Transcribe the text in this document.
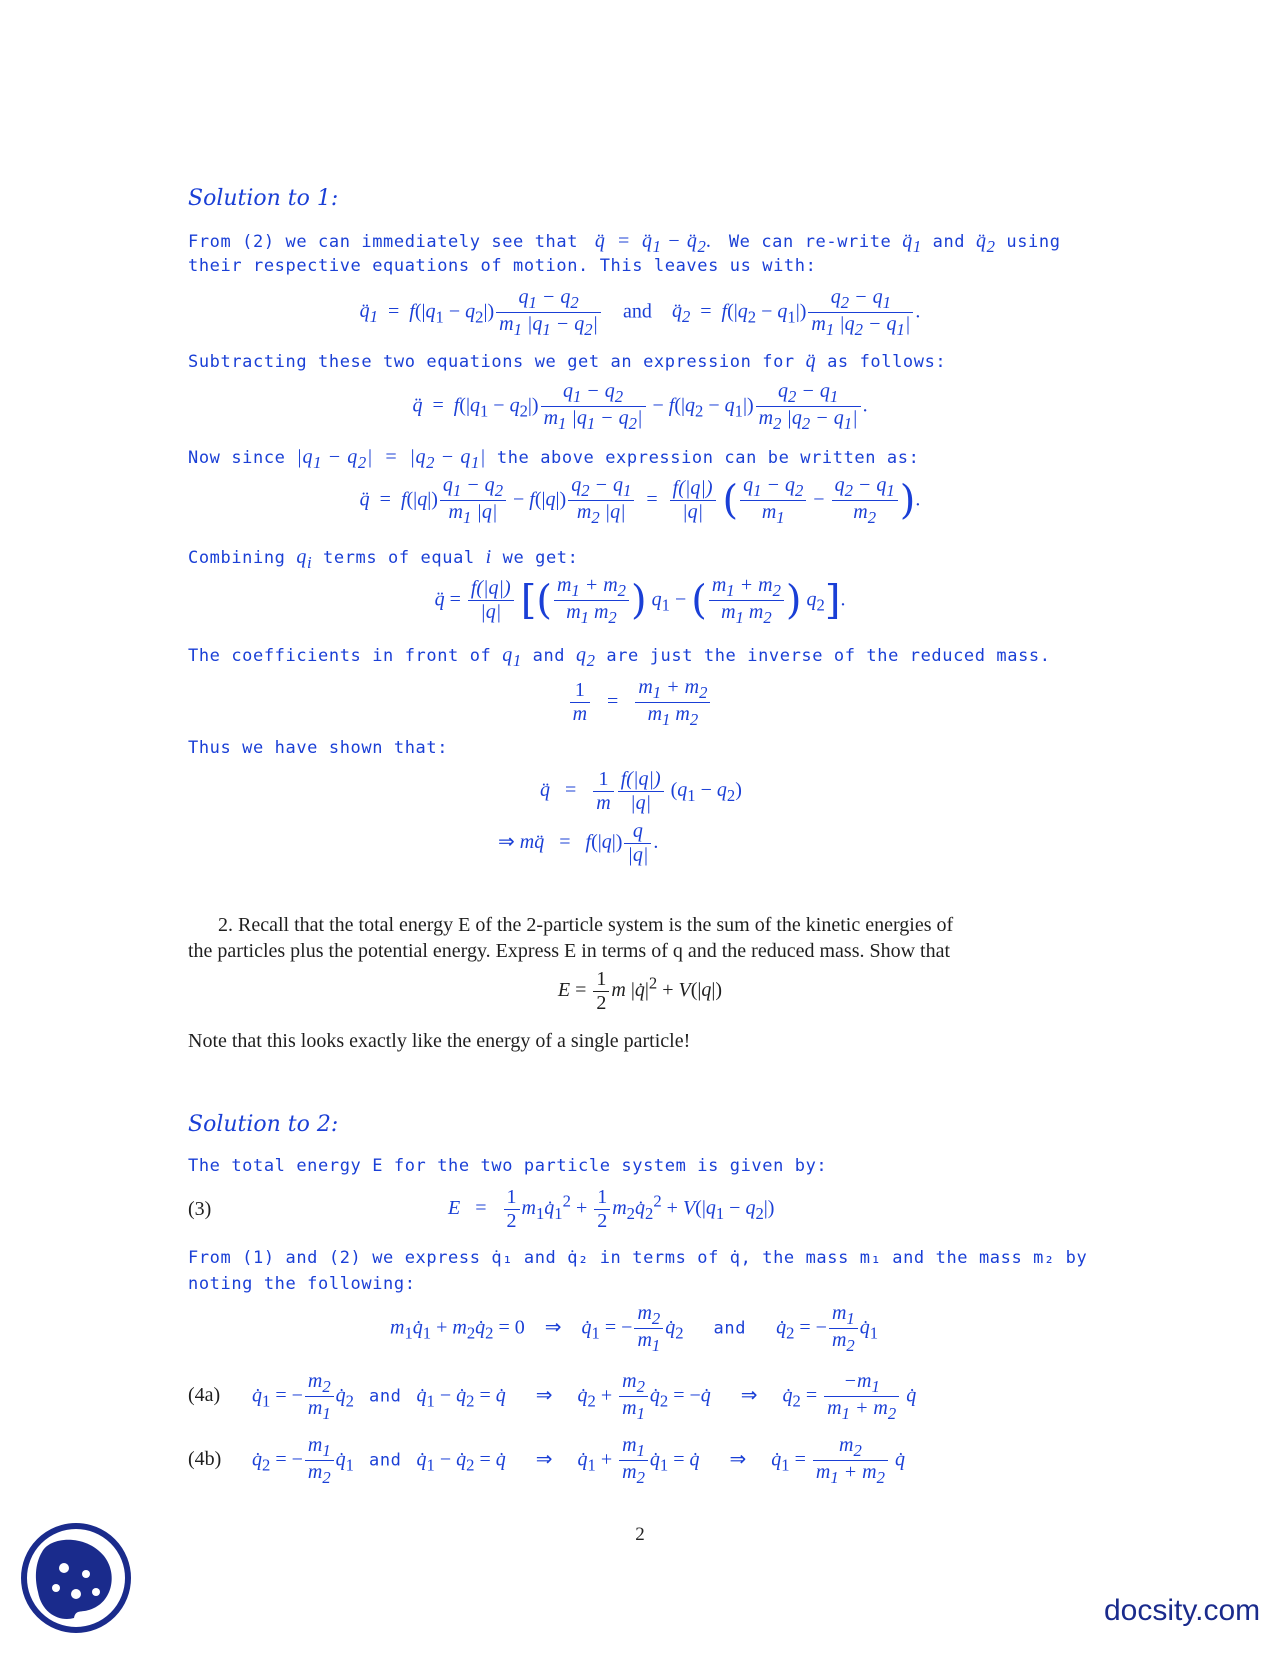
Solution to 1:
From (2) we can immediately see that q̈  =  $q̈_1$ − $q̈_2$. We can re-write $q̈_1$ and $q̈_2$ using
their respective equations of motion. This leaves us with:
$q̈_1 = f(|q_1 - q_2|) \frac{q_1 - q_2}{m_1 |q_1 - q_2|}$ and $q̈_2 = f(|q_2 - q_1|) \frac{q_2 - q_1}{m_1 |q_2 - q_1|}$ .
Subtracting these two equations we get an expression for q̈ as follows:
q̈  =  $f(|q_1 - q_2|) \frac{q_1 - q_2}{m_1 |q_1 - q_2|} - f(|q_2 - q_1|) \frac{q_2 - q_1}{m_2 |q_2 - q_1|}$ .
Now since $|q_1 - q_2| = |q_2 - q_1|$ the above expression can be written as:
q̈  =  $f(|q|) \frac{q_1 - q_2}{m_1 |q|} - f(|q|) \frac{q_2 - q_1}{m_2 |q|} = \frac{f(|q|)}{|q|}$ ( $\frac{q_1 - q_2}{m_1} - \frac{q_2 - q_1}{m_2}$ ).
Combining $q_i$ terms of equal i we get:
q̈ = $\frac{f(|q|)}{|q|}$ [( $\frac{m_1 + m_2}{m_1 m_2}$ ) $q_1$ − ( $\frac{m_1 + m_2}{m_1 m_2}$ ) $q_2$].
The coefficients in front of $q_1$ and $q_2$ are just the inverse of the reduced mass.
$\frac{1}{m} = \frac{m_1 + m_2}{m_1 m_2}$
Thus we have shown that:
q̈   = $\frac{1}{m} \frac{f(|q|)}{|q|} (q_1 - q_2)$
⇒ mq̈   =   $f(|q|) \frac{q}{|q|}$ .
2. Recall that the total energy E of the 2-particle system is the sum of the kinetic energies of
the particles plus the potential energy. Express E in terms of q and the reduced mass. Show that
$E = \frac{1}{2}$ m $|q̇|^2 + V(|q|)$
Note that this looks exactly like the energy of a single particle!
Solution to 2:
The total energy E for the two particle system is given by:
(3)	$E = \frac{1}{2}$ $m_1q̇_1^2 + \frac{1}{2}$ $m_2q̇_2^2 + V(|q_1 - q_2|)$
From (1) and (2) we express q̇₁ and q̇₂ in terms of q̇, the mass m₁ and the mass m₂ by
noting the following:
$m_1q̇_1$ + $m_2q̇_2 = 0$    ⇒    $q̇_1$ = − $\frac{m_2}{m_1}$ $q̇_2$ and $q̇_2$ = − $\frac{m_1}{m_2}$ $q̇_1$
(4a) $q̇_1$ = − $\frac{m_2}{m_1}$ $q̇_2$ and $q̇_1$ − $q̇_2$ = q̇      ⇒     $q̇_2 + \frac{m_2}{m_1}$ $q̇_2$ = −q̇      ⇒     $q̇_2 = \frac{-m_1}{m_1 + m_2}$ q̇
(4b) $q̇_2$ = − $\frac{m_1}{m_2}$ $q̇_1$ and $q̇_1$ − $q̇_2$ = q̇      ⇒     $q̇_1 + \frac{m_1}{m_2}$ $q̇_1$ = q̇      ⇒     $q̇_1 = \frac{m_2}{m_1 + m_2}$ q̇
2
docsity.com
